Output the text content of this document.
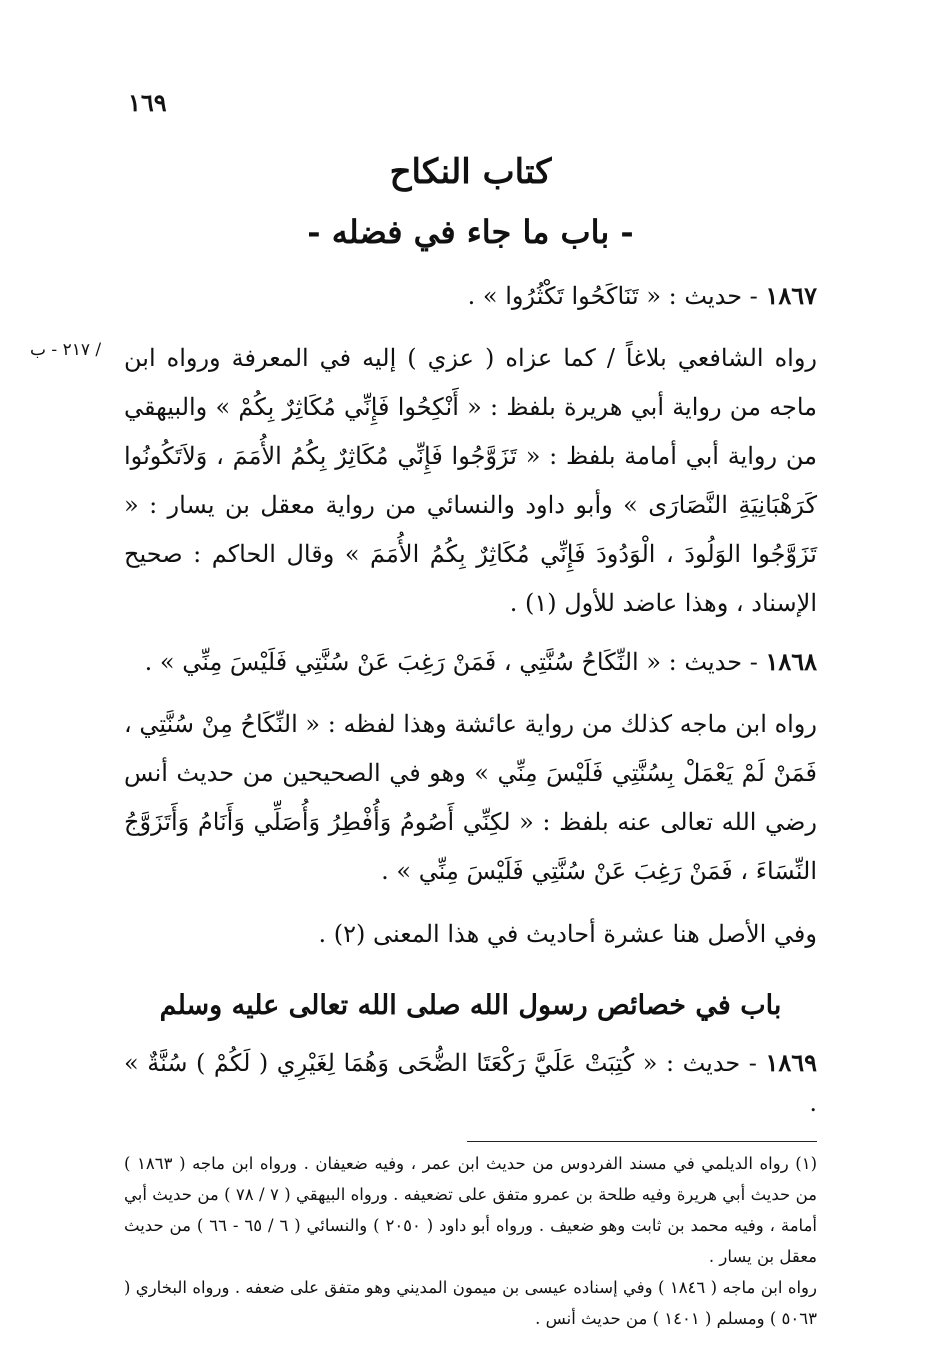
١٦٩
/ ٢١٧ - ب
كتاب النكاح
- باب ما جاء في فضله -
١٨٦٧ - حديث : « تَنَاكَحُوا تَكْثُرُوا » .

رواه الشافعي بلاغاً / كما عزاه ( عزي ) إليه في المعرفة ورواه ابن ماجه من رواية أبي هريرة بلفظ : « أَنْكِحُوا فَإِنِّي مُكَاثِرٌ بِكُمْ » والبيهقي من رواية أبي أمامة بلفظ : « تَزَوَّجُوا فَإِنِّي مُكَاثِرٌ بِكُمُ الأُمَمَ ، وَلاَتَكُونُوا كَرَهْبَانِيَةِ النَّصَارَى » وأبو داود والنسائي من رواية معقل بن يسار : « تَزَوَّجُوا الوَلُودَ ، الْوَدُودَ فَإِنِّي مُكَاثِرٌ بِكُمُ الأُمَمَ » وقال الحاكم : صحيح الإسناد ، وهذا عاضد للأول (١) .

١٨٦٨ - حديث : « النِّكَاحُ سُنَّتِي ، فَمَنْ رَغِبَ عَنْ سُنَّتِي فَلَيْسَ مِنِّي » .

رواه ابن ماجه كذلك من رواية عائشة وهذا لفظه : « النِّكَاحُ مِنْ سُنَّتِي ، فَمَنْ لَمْ يَعْمَلْ بِسُنَّتِي فَلَيْسَ مِنِّي » وهو في الصحيحين من حديث أنس رضي الله تعالى عنه بلفظ : « لكِنِّي أَصُومُ وَأُفْطِرُ وَأُصَلِّي وَأَنَامُ وَأَتَزَوَّجُ النِّسَاءَ ، فَمَنْ رَغِبَ عَنْ سُنَّتِي فَلَيْسَ مِنِّي » .

وفي الأصل هنا عشرة أحاديث في هذا المعنى (٢) .

باب في خصائص رسول الله صلى الله تعالى عليه وسلم
١٨٦٩ - حديث : « كُتِبَتْ عَلَيَّ رَكْعَتَا الضُّحَى وَهُمَا لِغَيْرِي ( لَكُمْ ) سُنَّةٌ » .

(١) رواه الديلمي في مسند الفردوس من حديث ابن عمر ، وفيه ضعيفان . ورواه ابن ماجه ( ١٨٦٣ ) من حديث أبي هريرة وفيه طلحة بن عمرو متفق على تضعيفه . ورواه البيهقي ( ٧ / ٧٨ ) من حديث أبي أمامة ، وفيه محمد بن ثابت وهو ضعيف . ورواه أبو داود ( ٢٠٥٠ ) والنسائي ( ٦ / ٦٥ - ٦٦ ) من حديث معقل بن يسار .

رواه ابن ماجه ( ١٨٤٦ ) وفي إسناده عيسى بن ميمون المديني وهو متفق على ضعفه . ورواه البخاري ( ٥٠٦٣ ) ومسلم ( ١٤٠١ ) من حديث أنس .
